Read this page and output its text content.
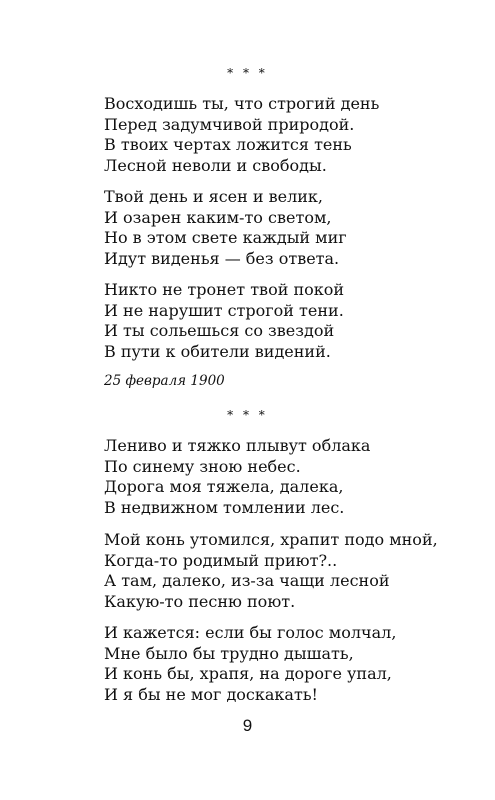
* * *
Восходишь ты, что строгий день
Перед задумчивой природой.
В твоих чертах ложится тень
Лесной неволи и свободы.
Твой день и ясен и велик,
И озарен каким-то светом,
Но в этом свете каждый миг
Идут виденья — без ответа.
Никто не тронет твой покой
И не нарушит строгой тени.
И ты сольешься со звездой
В пути к обители видений.
25 февраля 1900
* * *
Лениво и тяжко плывут облака
По синему зною небес.
Дорога моя тяжела, далека,
В недвижном томлении лес.
Мой конь утомился, храпит подо мной,
Когда-то родимый приют?..
А там, далеко, из-за чащи лесной
Какую-то песню поют.
И кажется: если бы голос молчал,
Мне было бы трудно дышать,
И конь бы, храпя, на дороге упал,
И я бы не мог доскакать!
9
